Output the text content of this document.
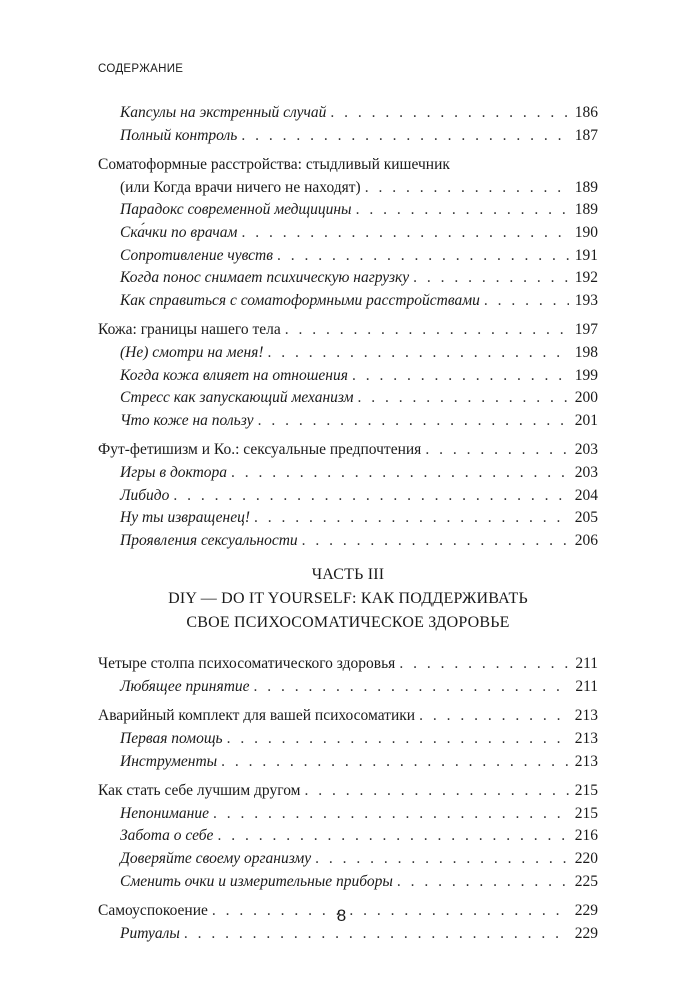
СОДЕРЖАНИЕ
Капсулы на экстренный случай . . .	186
Полный контроль . . .	187
Соматоформные расстройства: стыдливый кишечник
(или Когда врачи ничего не находят) . . .	189
Парадокс современной медщицины . . .	189
Ска́чки по врачам . . .	190
Сопротивление чувств . . .	191
Когда понос снимает психическую нагрузку . . .	192
Как справиться с соматоформными расстройствами . . .	193
Кожа: границы нашего тела . . .	197
(Не) смотри на меня! . . .	198
Когда кожа влияет на отношения . . .	199
Стресс как запускающий механизм . . .	200
Что коже на пользу . . .	201
Фут-фетишизм и Ко.: сексуальные предпочтения . . .	203
Игры в доктора . . .	203
Либидо . . .	204
Ну ты извращенец! . . .	205
Проявления сексуальности . . .	206
ЧАСТЬ III
DIY — DO IT YOURSELF: КАК ПОДДЕРЖИВАТЬ
СВОЕ ПСИХОСОМАТИЧЕСКОЕ ЗДОРОВЬЕ
Четыре столпа психосоматического здоровья . . .	211
Любящее принятие . . .	211
Аварийный комплект для вашей психосоматики . . .	213
Первая помощь . . .	213
Инструменты . . .	213
Как стать себе лучшим другом . . .	215
Непонимание . . .	215
Забота о себе . . .	216
Доверяйте своему организму . . .	220
Сменить очки и измерительные приборы . . .	225
Самоуспокоение . . .	229
Ритуалы . . .	229
8
